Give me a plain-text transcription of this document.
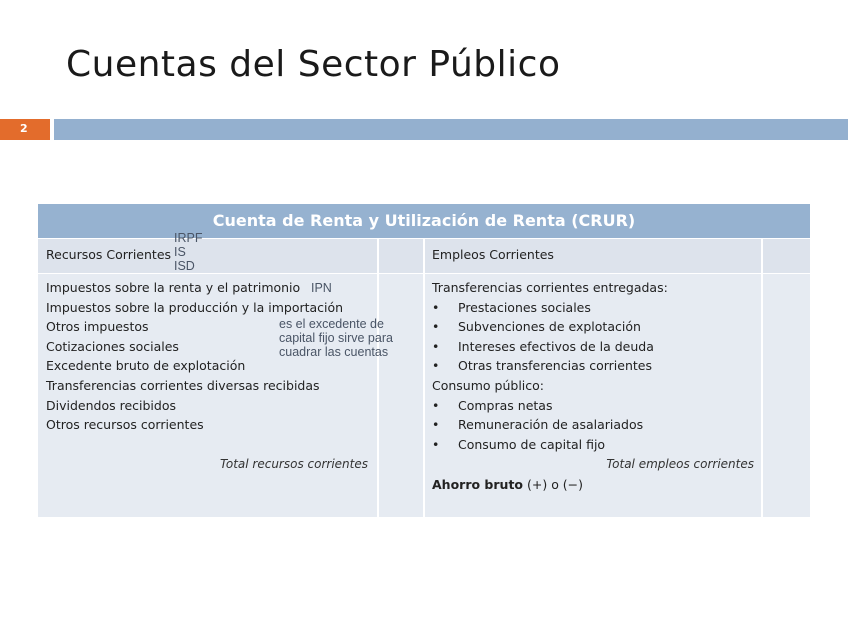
Cuentas del Sector Público
2
Cuenta de Renta y Utilización de Renta (CRUR)
Recursos Corrientes	Empleos Corrientes
Impuestos sobre la renta y el patrimonio
Impuestos sobre la producción y la importación
Otros impuestos
Cotizaciones sociales
Excedente bruto de explotación
Transferencias corrientes diversas recibidas
Dividendos recibidos
Otros recursos corrientes
Total recursos corrientes
Transferencias corrientes entregadas:
• Prestaciones sociales
• Subvenciones de explotación
• Intereses efectivos de la deuda
• Otras transferencias corrientes
Consumo público:
• Compras netas
• Remuneración de asalariados
• Consumo de capital fijo
Total empleos corrientes
Ahorro bruto (+) o (−)
IRPF
IS
ISD
IPN
es el excedente de
capital fijo sirve para
cuadrar las cuentas
